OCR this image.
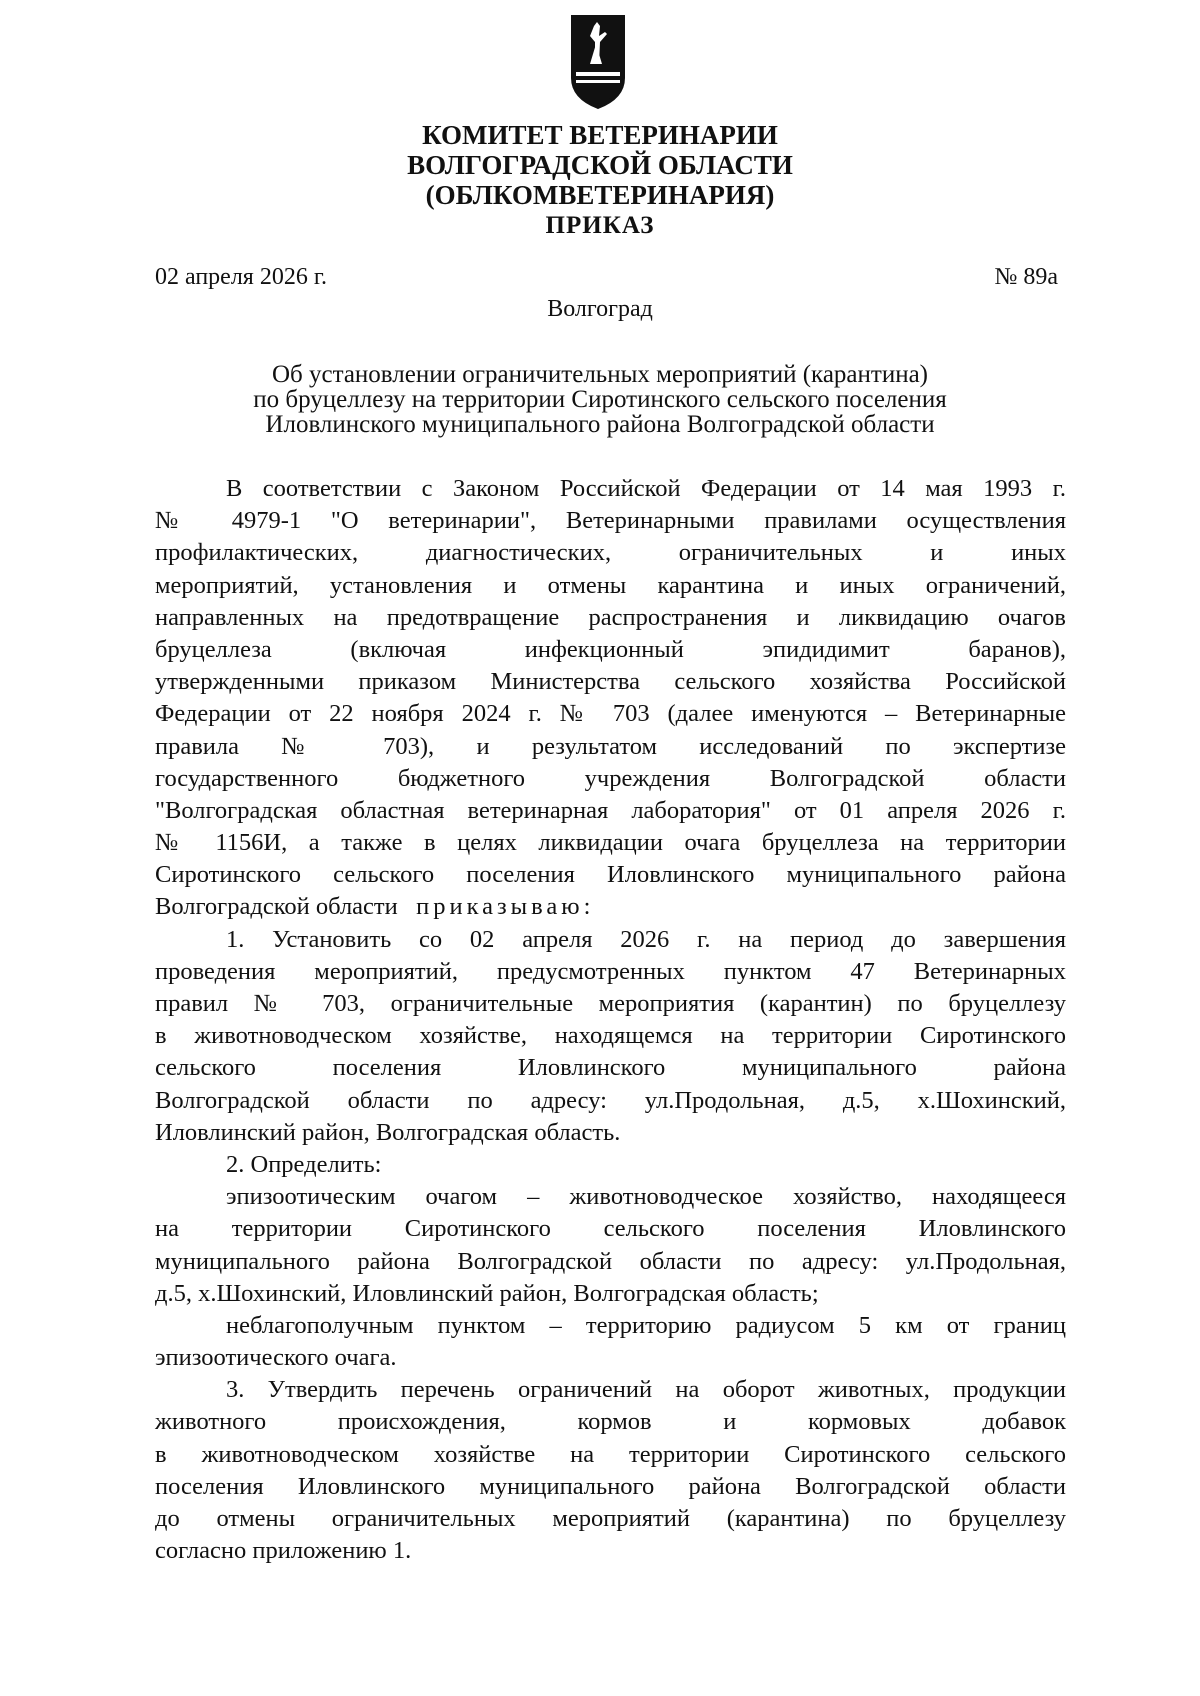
КОМИТЕТ ВЕТЕРИНАРИИ
ВОЛГОГРАДСКОЙ ОБЛАСТИ
(ОБЛКОМВЕТЕРИНАРИЯ)
ПРИКАЗ
02 апреля 2026 г.	№ 89а
Волгоград
Об установлении ограничительных мероприятий (карантина)
по бруцеллезу на территории Сиротинского сельского поселения
Иловлинского муниципального района Волгоградской области
В соответствии с Законом Российской Федерации от 14 мая 1993 г.
№ 4979-1 "О ветеринарии", Ветеринарными правилами осуществления
профилактических, диагностических, ограничительных и иных
мероприятий, установления и отмены карантина и иных ограничений,
направленных на предотвращение распространения и ликвидацию очагов
бруцеллеза (включая инфекционный эпидидимит баранов),
утвержденными приказом Министерства сельского хозяйства Российской
Федерации от 22 ноября 2024 г. № 703 (далее именуются – Ветеринарные
правила № 703), и результатом исследований по экспертизе
государственного бюджетного учреждения Волгоградской области
"Волгоградская областная ветеринарная лаборатория" от 01 апреля 2026 г.
№ 1156И, а также в целях ликвидации очага бруцеллеза на территории
Сиротинского сельского поселения Иловлинского муниципального района
Волгоградской области приказываю:
1. Установить со 02 апреля 2026 г. на период до завершения
проведения мероприятий, предусмотренных пунктом 47 Ветеринарных
правил № 703, ограничительные мероприятия (карантин) по бруцеллезу
в животноводческом хозяйстве, находящемся на территории Сиротинского
сельского поселения Иловлинского муниципального района
Волгоградской области по адресу: ул.Продольная, д.5, х.Шохинский,
Иловлинский район, Волгоградская область.
2. Определить:
эпизоотическим очагом – животноводческое хозяйство, находящееся
на территории Сиротинского сельского поселения Иловлинского
муниципального района Волгоградской области по адресу: ул.Продольная,
д.5, х.Шохинский, Иловлинский район, Волгоградская область;
неблагополучным пунктом – территорию радиусом 5 км от границ
эпизоотического очага.
3. Утвердить перечень ограничений на оборот животных, продукции
животного происхождения, кормов и кормовых добавок
в животноводческом хозяйстве на территории Сиротинского сельского
поселения Иловлинского муниципального района Волгоградской области
до отмены ограничительных мероприятий (карантина) по бруцеллезу
согласно приложению 1.
